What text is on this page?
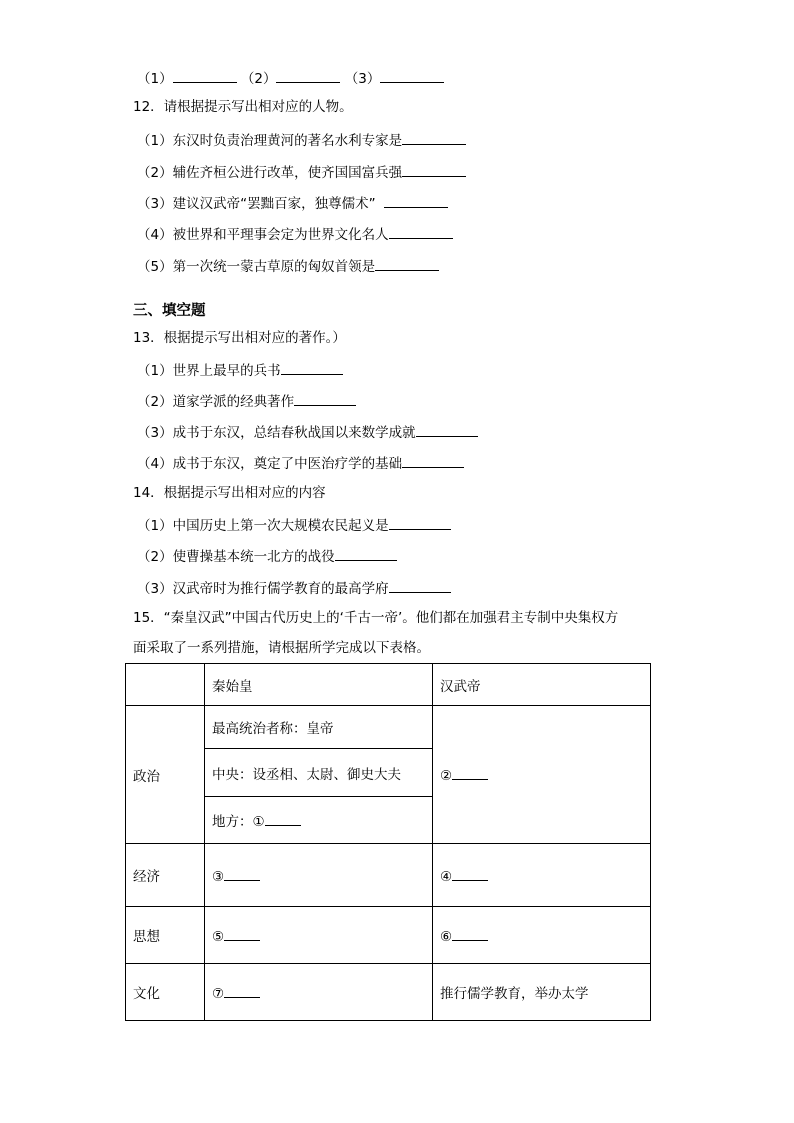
（1）	（2）	（3）
12．请根据提示写出相对应的人物。
（1）东汉时负责治理黄河的著名水利专家是
（2）辅佐齐桓公进行改革，使齐国国富兵强
（3）建议汉武帝“罢黜百家，独尊儒术”
（4）被世界和平理事会定为世界文化名人
（5）第一次统一蒙古草原的匈奴首领是
三、填空题
13．根据提示写出相对应的著作。）
（1）世界上最早的兵书
（2）道家学派的经典著作
（3）成书于东汉，总结春秋战国以来数学成就
（4）成书于东汉，奠定了中医治疗学的基础
14．根据提示写出相对应的内容
（1）中国历史上第一次大规模农民起义是
（2）使曹操基本统一北方的战役
（3）汉武帝时为推行儒学教育的最高学府
15．“秦皇汉武”中国古代历史上的‘千古一帝’。他们都在加强君主专制中央集权方
面采取了一系列措施，请根据所学完成以下表格。
	秦始皇	汉武帝
政治	最高统治者称：皇帝	②
	中央：设丞相、太尉、御史大夫	
	地方：①	
经济	③	④
思想	⑤	⑥
文化	⑦	推行儒学教育，举办太学
